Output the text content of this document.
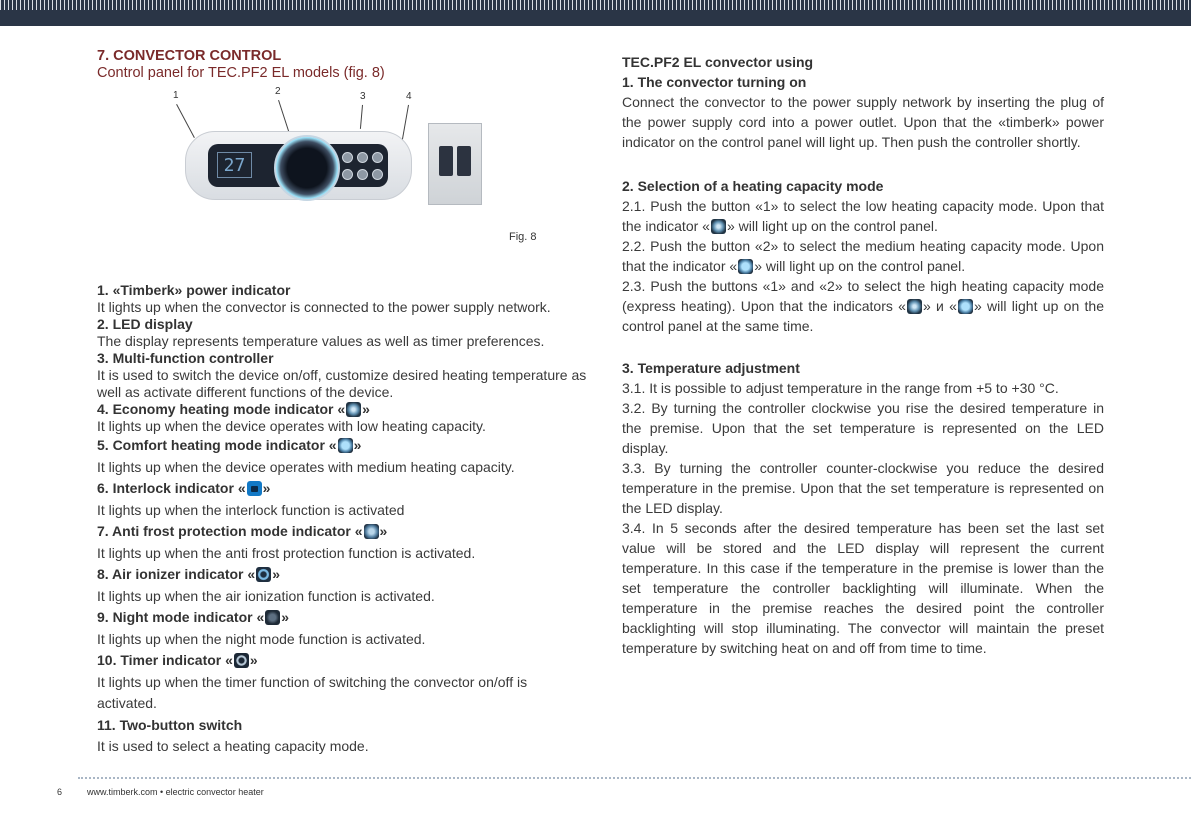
7. CONVECTOR CONTROL
Control panel for TEC.PF2 EL models (fig. 8)
1	2	3	4
27
Fig. 8
1. «Timberk» power indicator
It lights up when the convector is connected to the power supply network.
2. LED display
The display represents temperature values as well as timer preferences.
3. Multi-function controller
It is used to switch the device on/off, customize desired heating temperature as well as activate different functions of the device.
4. Economy heating mode indicator « »
It lights up when the device operates with low heating capacity.
5. Comfort heating mode indicator « »
It lights up when the device operates with medium heating capacity.
6. Interlock indicator « »
It lights up when the interlock function is activated
7. Anti frost protection mode indicator « »
It lights up when the anti frost protection function is activated.
8. Air ionizer indicator « »
It lights up when the air ionization function is activated.
9. Night mode indicator « »
It lights up when the night mode function is activated.
10. Timer indicator « »
It lights up when the timer function of switching the convector on/off is activated.
11. Two-button switch
It is used to select a heating capacity mode.
TEC.PF2 EL convector using
1. The convector turning on
Connect the convector to the power supply network by inserting the plug of the power supply cord into a power outlet. Upon that the «timberk» power indicator on the control panel will light up. Then push the controller shortly.
2. Selection of a heating capacity mode
2.1. Push the button «1» to select the low heating capacity mode. Upon that the indicator « » will light up on the control panel.
2.2. Push the button «2» to select the medium heating capacity mode. Upon that the indicator « » will light up on the control panel.
2.3. Push the buttons «1» and «2» to select the high heating capacity mode (express heating). Upon that the indicators « » и « » will light up on the control panel at the same time.
3. Temperature adjustment
3.1. It is possible to adjust temperature in the range from +5 to +30 °C.
3.2. By turning the controller clockwise you rise the desired temperature in the premise. Upon that the set temperature is represented on the LED display.
3.3. By turning the controller counter-clockwise you reduce the desired temperature in the premise. Upon that the set temperature is represented on the LED display.
3.4. In 5 seconds after the desired temperature has been set the last set value will be stored and the LED display will represent the current temperature. In this case if the temperature in the premise is lower than the set temperature the controller backlighting will illuminate. When the temperature in the premise reaches the desired point the controller backlighting will stop illuminating. The convector will maintain the preset temperature by switching heat on and off from time to time.
6	www.timberk.com • electric convector heater
